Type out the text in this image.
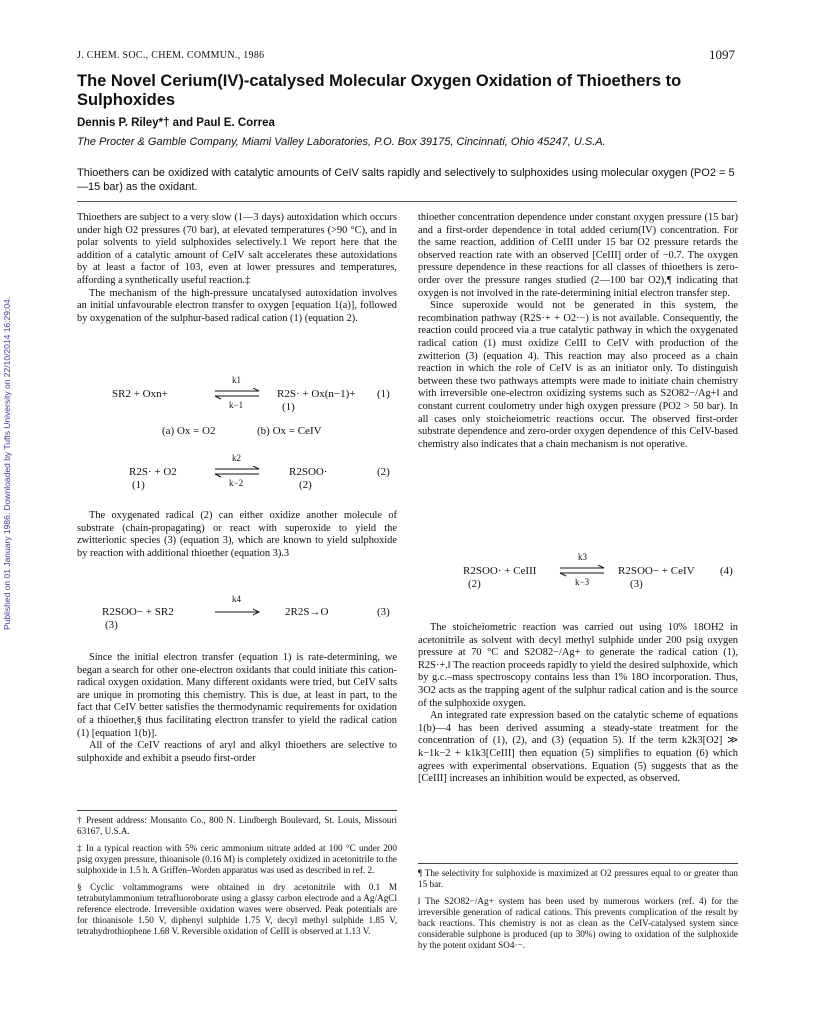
Published on 01 January 1986. Downloaded by Tufts University on 22/10/2014 16:29:04.
J. CHEM. SOC., CHEM. COMMUN., 1986	1097
The Novel Cerium(IV)-catalysed Molecular Oxygen Oxidation of Thioethers to Sulphoxides
Dennis P. Riley*† and Paul E. Correa
The Procter & Gamble Company, Miami Valley Laboratories, P.O. Box 39175, Cincinnati, Ohio 45247, U.S.A.
Thioethers can be oxidized with catalytic amounts of CeIV salts rapidly and selectively to sulphoxides using molecular oxygen (PO2 = 5—15 bar) as the oxidant.

Thioethers are subject to a very slow (1—3 days) autoxidation which occurs under high O2 pressures (70 bar), at elevated temperatures (>90 °C), and in polar solvents to yield sulphoxides selectively.1 We report here that the addition of a catalytic amount of CeIV salt accelerates these autoxidations by at least a factor of 103, even at lower pressures and temperatures, affording a synthetically useful reaction.‡

The mechanism of the high-pressure uncatalysed autoxidation involves an initial unfavourable electron transfer to oxygen [equation 1(a)], followed by oxygenation of the sulphur-based radical cation (1) (equation 2).

SR2 + Oxn+
k1
k−1
R2S· + Ox(n−1)+
(1)
(1)
(a) Ox = O2	(b) Ox = CeIV
R2S· + O2
(1)
k2
k−2
R2SOO·
(2)
(2)

The oxygenated radical (2) can either oxidize another molecule of substrate (chain-propagating) or react with superoxide to yield the zwitterionic species (3) (equation 3), which are known to yield sulphoxide by reaction with additional thioether (equation 3).3

R2SOO− + SR2
(3)
k4
2R2S→O	(3)

Since the initial electron transfer (equation 1) is rate-determining, we began a search for other one-electron oxidants that could initiate this cation-radical oxygen oxidation. Many different oxidants were tried, but CeIV salts are unique in promoting this chemistry. This is due, at least in part, to the fact that CeIV better satisfies the thermodynamic requirements for oxidation of a thioether,§ thus facilitating electron transfer to yield the radical cation (1) [equation 1(b)].

All of the CeIV reactions of aryl and alkyl thioethers are selective to sulphoxide and exhibit a pseudo first-order

† Present address: Monsanto Co., 800 N. Lindbergh Boulevard, St. Louis, Missouri 63167, U.S.A.

‡ In a typical reaction with 5% ceric ammonium nitrate added at 100 °C under 200 psig oxygen pressure, thioanisole (0.16 M) is completely oxidized in acetonitrile to the sulphoxide in 1.5 h. A Griffen–Worden apparatus was used as described in ref. 2.

§ Cyclic voltammograms were obtained in dry acetonitrile with 0.1 M tetrabutylammonium tetrafluoroborate using a glassy carbon electrode and a Ag/AgCl reference electrode. Irreversible oxidation waves were observed. Peak potentials are for thioanisole 1.50 V, diphenyl sulphide 1.75 V, decyl methyl sulphide 1.85 V, tetrahydrothiophene 1.68 V. Reversible oxidation of CeIII is observed at 1.13 V.

thioether concentration dependence under constant oxygen pressure (15 bar) and a first-order dependence in total added cerium(IV) concentration. For the same reaction, addition of CeIII under 15 bar O2 pressure retards the observed reaction rate with an observed [CeIII] order of −0.7. The oxygen pressure dependence in these reactions for all classes of thioethers is zero-order over the pressure ranges studied (2—100 bar O2),¶ indicating that oxygen is not involved in the rate-determining initial electron transfer step.

Since superoxide would not be generated in this system, the recombination pathway (R2S·+ + O2·−) is not available. Consequently, the reaction could proceed via a true catalytic pathway in which the oxygenated radical cation (1) must oxidize CeIII to CeIV with production of the zwitterion (3) (equation 4). This reaction may also proceed as a chain reaction in which the role of CeIV is as an initiator only. To distinguish between these two pathways attempts were made to initiate chain chemistry with irreversible one-electron oxidizing systems such as S2O82−/Ag+‖ and constant current coulometry under high oxygen pressure (PO2 > 50 bar). In all cases only stoicheiometric reactions occur. The observed first-order substrate dependence and zero-order oxygen dependence of this CeIV-based chemistry also indicates that a chain mechanism is not operative.

R2SOO· + CeIII
(2)
k3
k−3
R2SOO− + CeIV
(3)
(4)

The stoicheiometric reaction was carried out using 10% 18OH2 in acetonitrile as solvent with decyl methyl sulphide under 200 psig oxygen pressure at 70 °C and S2O82−/Ag+ to generate the radical cation (1), R2S·+.‖ The reaction proceeds rapidly to yield the desired sulphoxide, which by g.c.–mass spectroscopy contains less than 1% 18O incorporation. Thus, 3O2 acts as the trapping agent of the sulphur radical cation and is the source of the sulphoxide oxygen.

An integrated rate expression based on the catalytic scheme of equations 1(b)—4 has been derived assuming a steady-state treatment for the concentration of (1), (2), and (3) (equation 5). If the term k2k3[O2] ≫ k−1k−2 + k1k3[CeIII] then equation (5) simplifies to equation (6) which agrees with experimental observations. Equation (5) suggests that as the [CeIII] increases an inhibition would be expected, as observed.

¶ The selectivity for sulphoxide is maximized at O2 pressures equal to or greater than 15 bar.

‖ The S2O82−/Ag+ system has been used by numerous workers (ref. 4) for the irreversible generation of radical cations. This prevents complication of the result by back reactions. This chemistry is not as clean as the CeIV-catalysed system since considerable sulphone is produced (up to 30%) owing to oxidation of the sulphoxide by the potent oxidant SO4·−.
